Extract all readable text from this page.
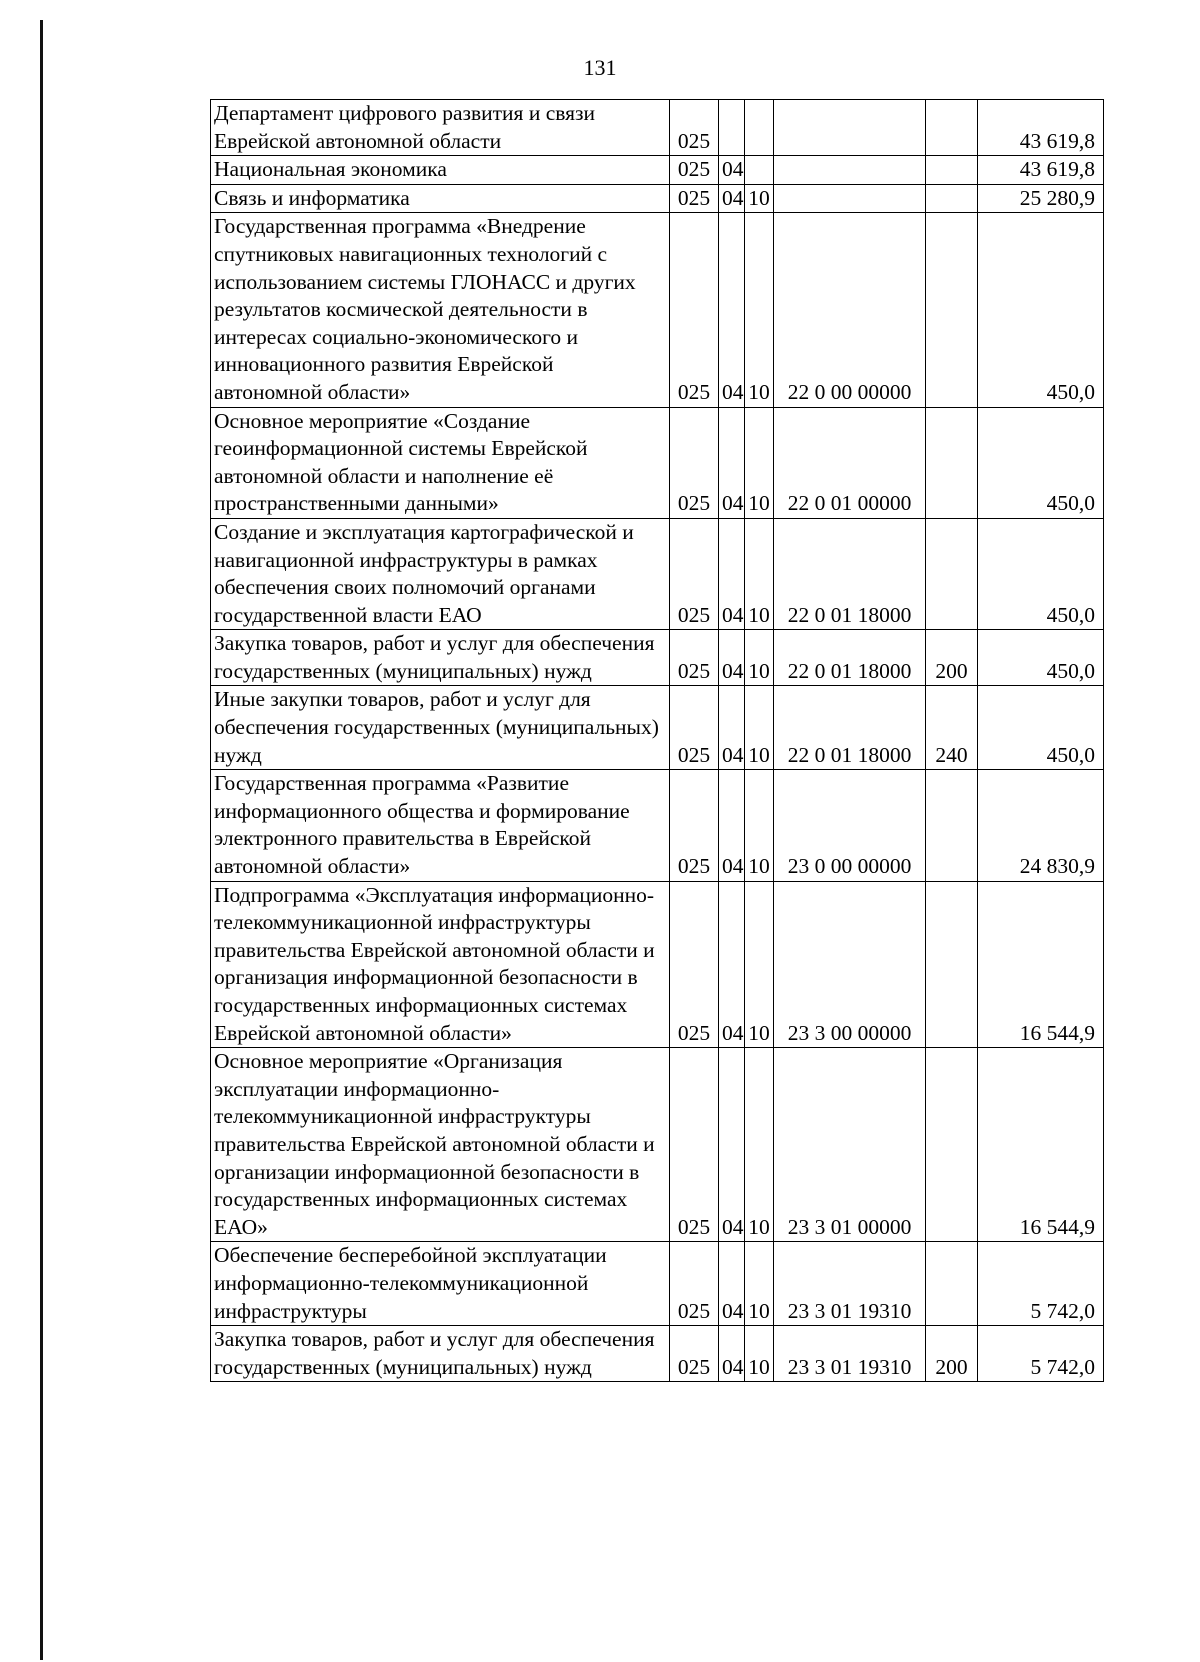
131
Департамент цифрового развития и связи Еврейской автономной области	025					43 619,8
Национальная экономика	025	04				43 619,8
Связь и информатика	025	04	10			25 280,9
Государственная программа «Внедрение спутниковых навигационных технологий с использованием системы ГЛОНАСС и других результатов космической деятельности в интересах социально-экономического и инновационного развития Еврейской автономной области»	025	04	10	22 0 00 00000		450,0
Основное мероприятие «Создание геоинформационной системы Еврейской автономной области и наполнение её пространственными данными»	025	04	10	22 0 01 00000		450,0
Создание и эксплуатация картографической и навигационной инфраструктуры в рамках обеспечения своих полномочий органами государственной власти ЕАО	025	04	10	22 0 01 18000		450,0
Закупка товаров, работ и услуг для обеспечения государственных (муниципальных) нужд	025	04	10	22 0 01 18000	200	450,0
Иные закупки товаров, работ и услуг для обеспечения государственных (муниципальных) нужд	025	04	10	22 0 01 18000	240	450,0
Государственная программа «Развитие информационного общества и формирование электронного правительства в Еврейской автономной области»	025	04	10	23 0 00 00000		24 830,9
Подпрограмма «Эксплуатация информационно-телекоммуникационной инфраструктуры правительства Еврейской автономной области и организация информационной безопасности в государственных информационных системах Еврейской автономной области»	025	04	10	23 3 00 00000		16 544,9
Основное мероприятие «Организация эксплуатации информационно-телекоммуникационной инфраструктуры правительства Еврейской автономной области и организации информационной безопасности в государственных информационных системах ЕАО»	025	04	10	23 3 01 00000		16 544,9
Обеспечение бесперебойной эксплуатации информационно-телекоммуникационной инфраструктуры	025	04	10	23 3 01 19310		5 742,0
Закупка товаров, работ и услуг для обеспечения государственных (муниципальных) нужд	025	04	10	23 3 01 19310	200	5 742,0
